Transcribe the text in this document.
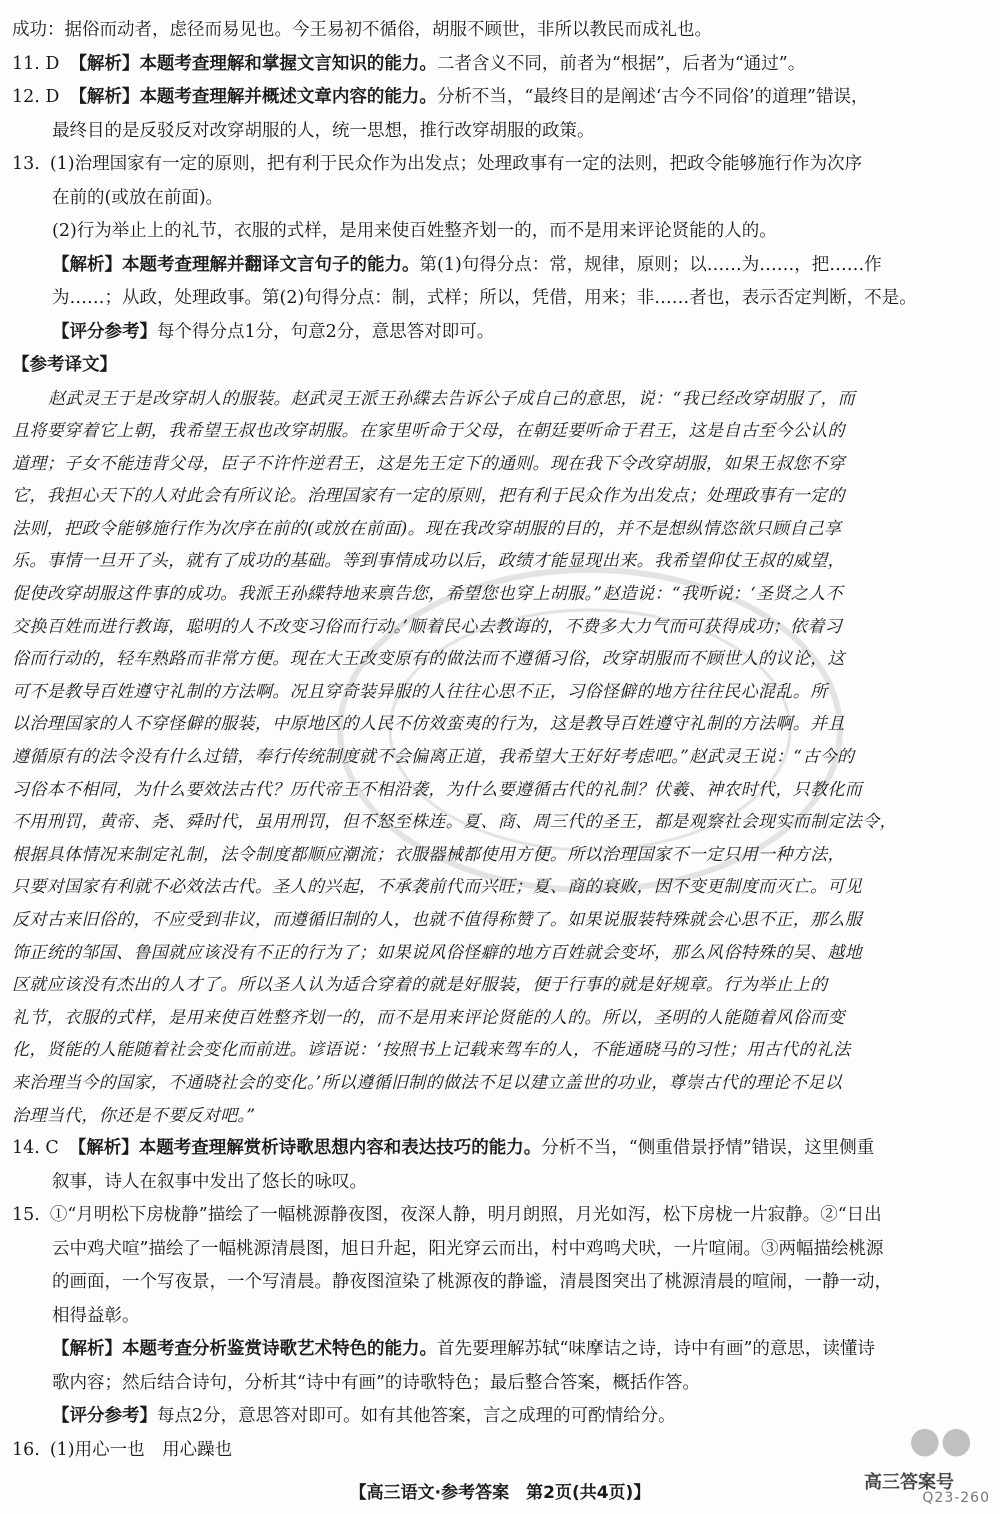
成功：据俗而动者，虑径而易见也。今王易初不循俗，胡服不顾世，非所以教民而成礼也。
11. D 【解析】本题考查理解和掌握文言知识的能力。二者含义不同，前者为“根据”，后者为“通过”。
12. D 【解析】本题考查理解并概述文章内容的能力。分析不当，“最终目的是阐述‘古今不同俗’的道理”错误，
最终目的是反驳反对改穿胡服的人，统一思想，推行改穿胡服的政策。
13. (1)治理国家有一定的原则，把有利于民众作为出发点；处理政事有一定的法则，把政令能够施行作为次序
在前的(或放在前面)。
(2)行为举止上的礼节，衣服的式样，是用来使百姓整齐划一的，而不是用来评论贤能的人的。
【解析】本题考查理解并翻译文言句子的能力。第(1)句得分点：常，规律，原则；以……为……，把……作
为……；从政，处理政事。第(2)句得分点：制，式样；所以，凭借，用来；非……者也，表示否定判断，不是。
【评分参考】每个得分点1分，句意2分，意思答对即可。
【参考译文】
赵武灵王于是改穿胡人的服装。赵武灵王派王孙緤去告诉公子成自己的意思，说：“我已经改穿胡服了，而
且将要穿着它上朝，我希望王叔也改穿胡服。在家里听命于父母，在朝廷要听命于君王，这是自古至今公认的
道理；子女不能违背父母，臣子不许忤逆君王，这是先王定下的通则。现在我下令改穿胡服，如果王叔您不穿
它，我担心天下的人对此会有所议论。治理国家有一定的原则，把有利于民众作为出发点；处理政事有一定的
法则，把政令能够施行作为次序在前的(或放在前面)。现在我改穿胡服的目的，并不是想纵情恣欲只顾自己享
乐。事情一旦开了头，就有了成功的基础。等到事情成功以后，政绩才能显现出来。我希望仰仗王叔的威望，
促使改穿胡服这件事的成功。我派王孙緤特地来禀告您，希望您也穿上胡服。”赵造说：“我听说：‘圣贤之人不
交换百姓而进行教诲，聪明的人不改变习俗而行动。’顺着民心去教诲的，不费多大力气而可获得成功；依着习
俗而行动的，轻车熟路而非常方便。现在大王改变原有的做法而不遵循习俗，改穿胡服而不顾世人的议论，这
可不是教导百姓遵守礼制的方法啊。况且穿奇装异服的人往往心思不正，习俗怪僻的地方往往民心混乱。所
以治理国家的人不穿怪僻的服装，中原地区的人民不仿效蛮夷的行为，这是教导百姓遵守礼制的方法啊。并且
遵循原有的法令没有什么过错，奉行传统制度就不会偏离正道，我希望大王好好考虑吧。”赵武灵王说：“古今的
习俗本不相同，为什么要效法古代？历代帝王不相沿袭，为什么要遵循古代的礼制？伏羲、神农时代，只教化而
不用刑罚，黄帝、尧、舜时代，虽用刑罚，但不怒至株连。夏、商、周三代的圣王，都是观察社会现实而制定法令，
根据具体情况来制定礼制，法令制度都顺应潮流；衣服器械都使用方便。所以治理国家不一定只用一种方法，
只要对国家有利就不必效法古代。圣人的兴起，不承袭前代而兴旺；夏、商的衰败，因不变更制度而灭亡。可见
反对古来旧俗的，不应受到非议，而遵循旧制的人，也就不值得称赞了。如果说服装特殊就会心思不正，那么服
饰正统的邹国、鲁国就应该没有不正的行为了；如果说风俗怪癖的地方百姓就会变坏，那么风俗特殊的吴、越地
区就应该没有杰出的人才了。所以圣人认为适合穿着的就是好服装，便于行事的就是好规章。行为举止上的
礼节，衣服的式样，是用来使百姓整齐划一的，而不是用来评论贤能的人的。所以，圣明的人能随着风俗而变
化，贤能的人能随着社会变化而前进。谚语说：‘按照书上记载来驾车的人，不能通晓马的习性；用古代的礼法
来治理当今的国家，不通晓社会的变化。’所以遵循旧制的做法不足以建立盖世的功业，尊崇古代的理论不足以
治理当代，你还是不要反对吧。”
14. C 【解析】本题考查理解赏析诗歌思想内容和表达技巧的能力。分析不当，“侧重借景抒情”错误，这里侧重
叙事，诗人在叙事中发出了悠长的咏叹。
15. ①“月明松下房栊静”描绘了一幅桃源静夜图，夜深人静，明月朗照，月光如泻，松下房栊一片寂静。②“日出
云中鸡犬喧”描绘了一幅桃源清晨图，旭日升起，阳光穿云而出，村中鸡鸣犬吠，一片喧闹。③两幅描绘桃源
的画面，一个写夜景，一个写清晨。静夜图渲染了桃源夜的静谧，清晨图突出了桃源清晨的喧闹，一静一动，
相得益彰。
【解析】本题考查分析鉴赏诗歌艺术特色的能力。首先要理解苏轼“味摩诘之诗，诗中有画”的意思，读懂诗
歌内容；然后结合诗句，分析其“诗中有画”的诗歌特色；最后整合答案，概括作答。
【评分参考】每点2分，意思答对即可。如有其他答案，言之成理的可酌情给分。
16. (1)用心一也　用心躁也	●●
高三答案号
Q23-260
【高三语文·参考答案　第2页(共4页)】
